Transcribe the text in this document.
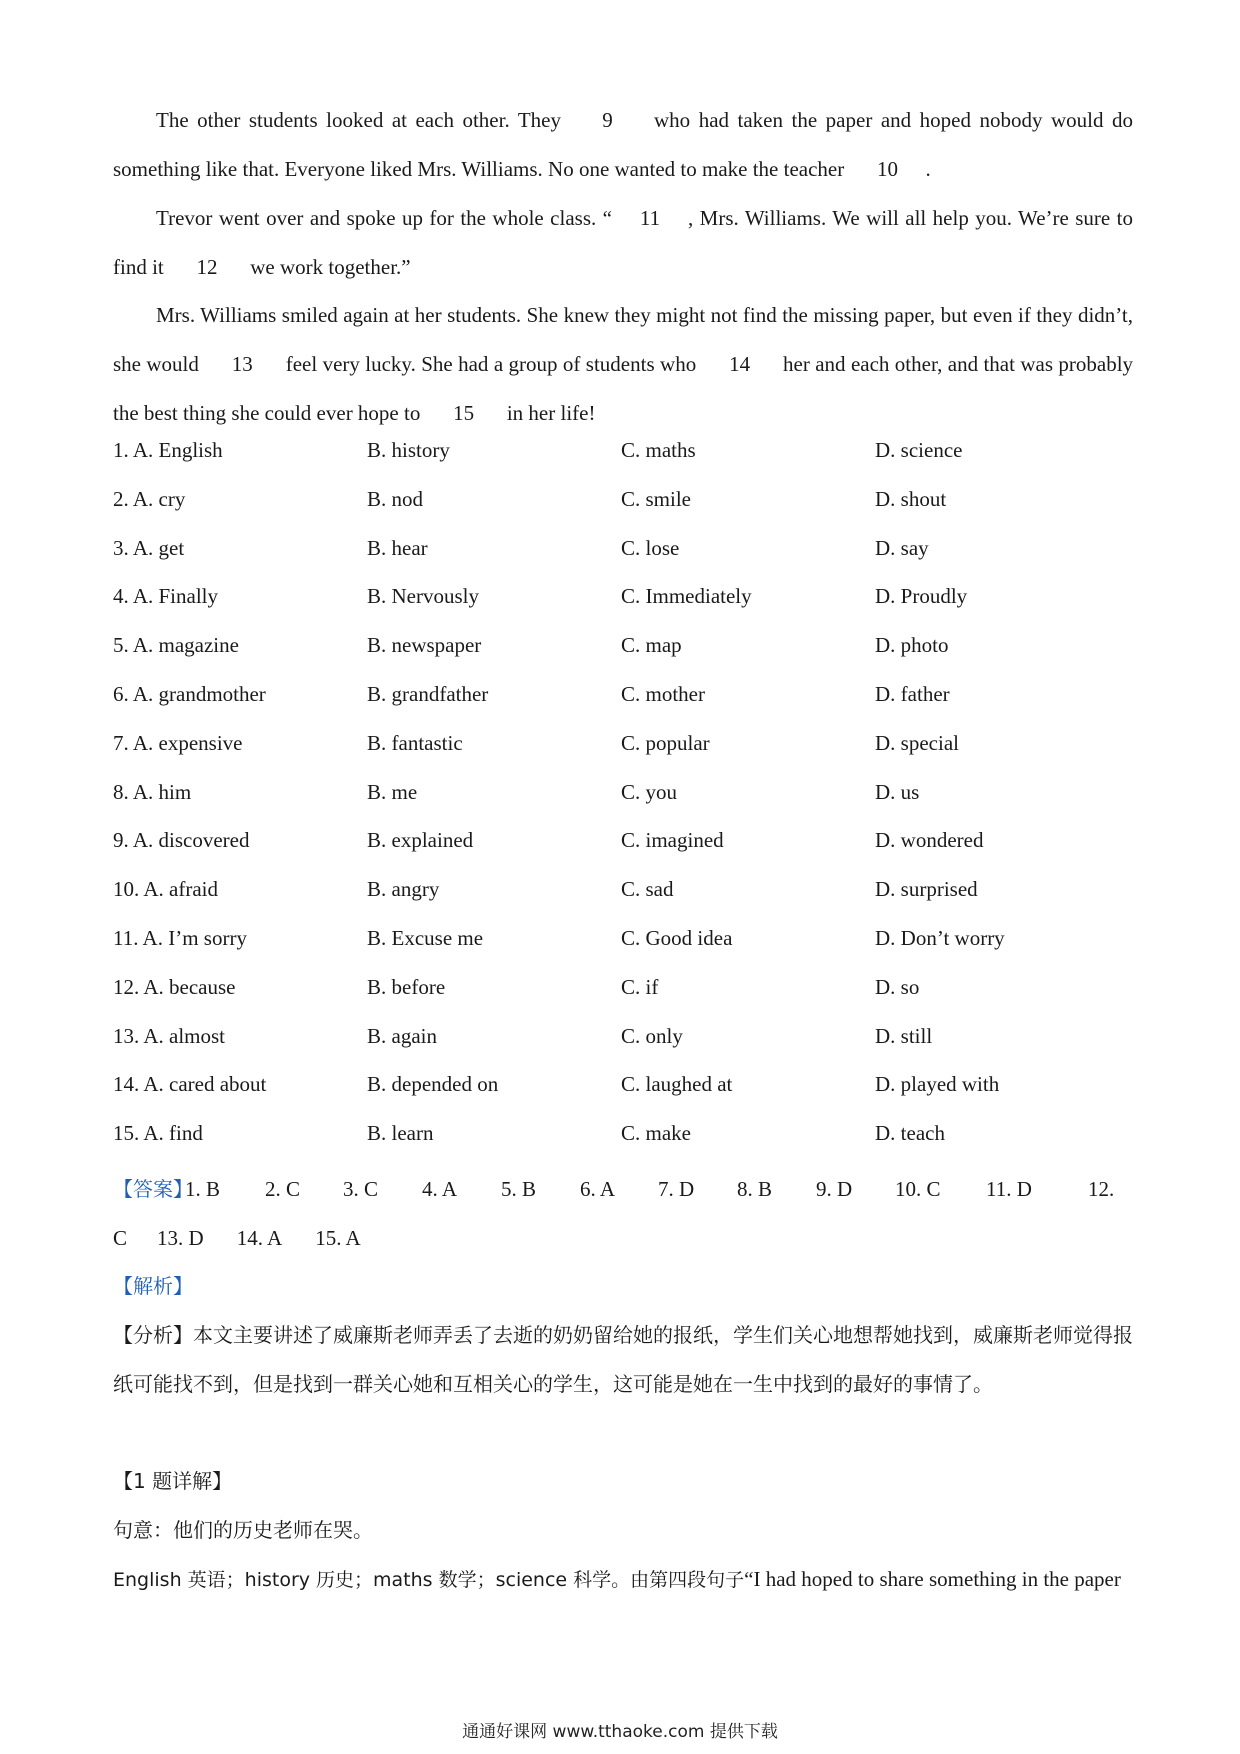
The other students looked at each other. They 9 who had taken the paper and hoped nobody would do something like that. Everyone liked Mrs. Williams. No one wanted to make the teacher 10 .

Trevor went over and spoke up for the whole class. “ 11 , Mrs. Williams. We will all help you. We’re sure to find it 12 we work together.”

Mrs. Williams smiled again at her students. She knew they might not find the missing paper, but even if they didn’t, she would 13 feel very lucky. She had a group of students who 14 her and each other, and that was probably the best thing she could ever hope to 15 in her life!

1. A. English	B. history	C. maths	D. science
2. A. cry	B. nod	C. smile	D. shout
3. A. get	B. hear	C. lose	D. say
4. A. Finally	B. Nervously	C. Immediately	D. Proudly
5. A. magazine	B. newspaper	C. map	D. photo
6. A. grandmother	B. grandfather	C. mother	D. father
7. A. expensive	B. fantastic	C. popular	D. special
8. A. him	B. me	C. you	D. us
9. A. discovered	B. explained	C. imagined	D. wondered
10. A. afraid	B. angry	C. sad	D. surprised
11. A. I’m sorry	B. Excuse me	C. Good idea	D. Don’t worry
12. A. because	B. before	C. if	D. so
13. A. almost	B. again	C. only	D. still
14. A. cared about	B. depended on	C. laughed at	D. played with
15. A. find	B. learn	C. make	D. teach
【答案】
1. B 2. C 3. C 4. A 5. B 6. A 7. D 8. B 9. D 10. C 11. D	12.
C 13. D 14. A 15. A
【解析】

【分析】本文主要讲述了威廉斯老师弄丢了去逝的奶奶留给她的报纸，学生们关心地想帮她找到，威廉斯老师觉得报纸可能找不到，但是找到一群关心她和互相关心的学生，这可能是她在一生中找到的最好的事情了。

【1 题详解】

句意：他们的历史老师在哭。

English 英语；history 历史；maths 数学；science 科学。由第四段句子“I had hoped to share something in the paper

通通好课网 www.tthaoke.com 提供下载
